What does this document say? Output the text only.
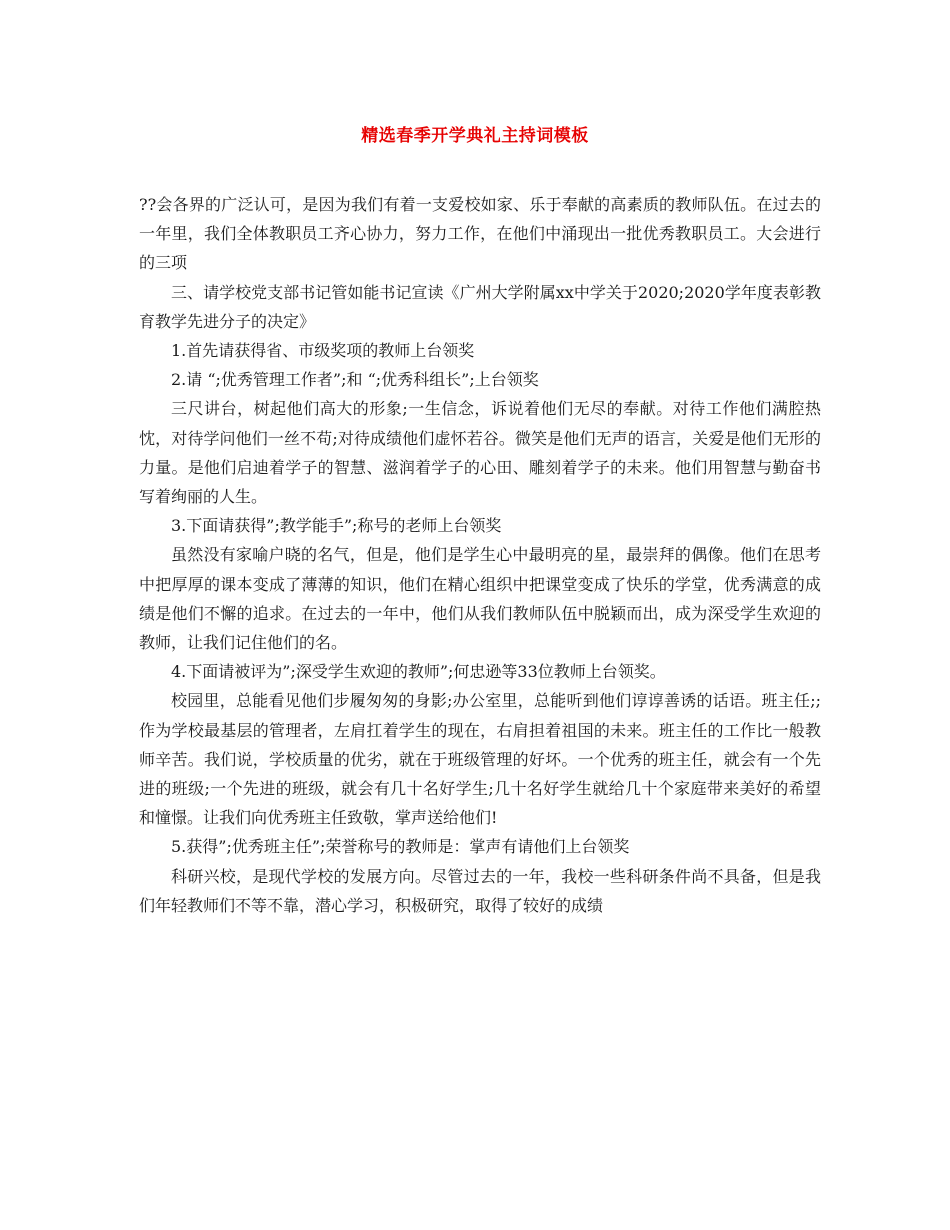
精选春季开学典礼主持词模板

??会各界的广泛认可，是因为我们有着一支爱校如家、乐于奉献的高素质的教师队伍。在过去的一年里，我们全体教职员工齐心协力，努力工作，在他们中涌现出一批优秀教职员工。大会进行的三项

三、请学校党支部书记管如能书记宣读《广州大学附属xx中学关于2020;2020学年度表彰教育教学先进分子的决定》

1.首先请获得省、市级奖项的教师上台领奖

2.请 “;优秀管理工作者”;和 “;优秀科组长”;上台领奖

三尺讲台，树起他们高大的形象;一生信念，诉说着他们无尽的奉献。对待工作他们满腔热忱，对待学问他们一丝不苟;对待成绩他们虚怀若谷。微笑是他们无声的语言，关爱是他们无形的力量。是他们启迪着学子的智慧、滋润着学子的心田、雕刻着学子的未来。他们用智慧与勤奋书写着绚丽的人生。

3.下面请获得”;教学能手”;称号的老师上台领奖

虽然没有家喻户晓的名气，但是，他们是学生心中最明亮的星，最崇拜的偶像。他们在思考中把厚厚的课本变成了薄薄的知识，他们在精心组织中把课堂变成了快乐的学堂，优秀满意的成绩是他们不懈的追求。在过去的一年中，他们从我们教师队伍中脱颖而出，成为深受学生欢迎的教师，让我们记住他们的名。

4.下面请被评为”;深受学生欢迎的教师”;何忠逊等33位教师上台领奖。

校园里，总能看见他们步履匆匆的身影;办公室里，总能听到他们谆谆善诱的话语。班主任;;作为学校最基层的管理者，左肩扛着学生的现在，右肩担着祖国的未来。班主任的工作比一般教师辛苦。我们说，学校质量的优劣，就在于班级管理的好坏。一个优秀的班主任，就会有一个先进的班级;一个先进的班级，就会有几十名好学生;几十名好学生就给几十个家庭带来美好的希望和憧憬。让我们向优秀班主任致敬，掌声送给他们!

5.获得”;优秀班主任”;荣誉称号的教师是：掌声有请他们上台领奖

科研兴校，是现代学校的发展方向。尽管过去的一年，我校一些科研条件尚不具备，但是我们年轻教师们不等不靠，潜心学习，积极研究，取得了较好的成绩
